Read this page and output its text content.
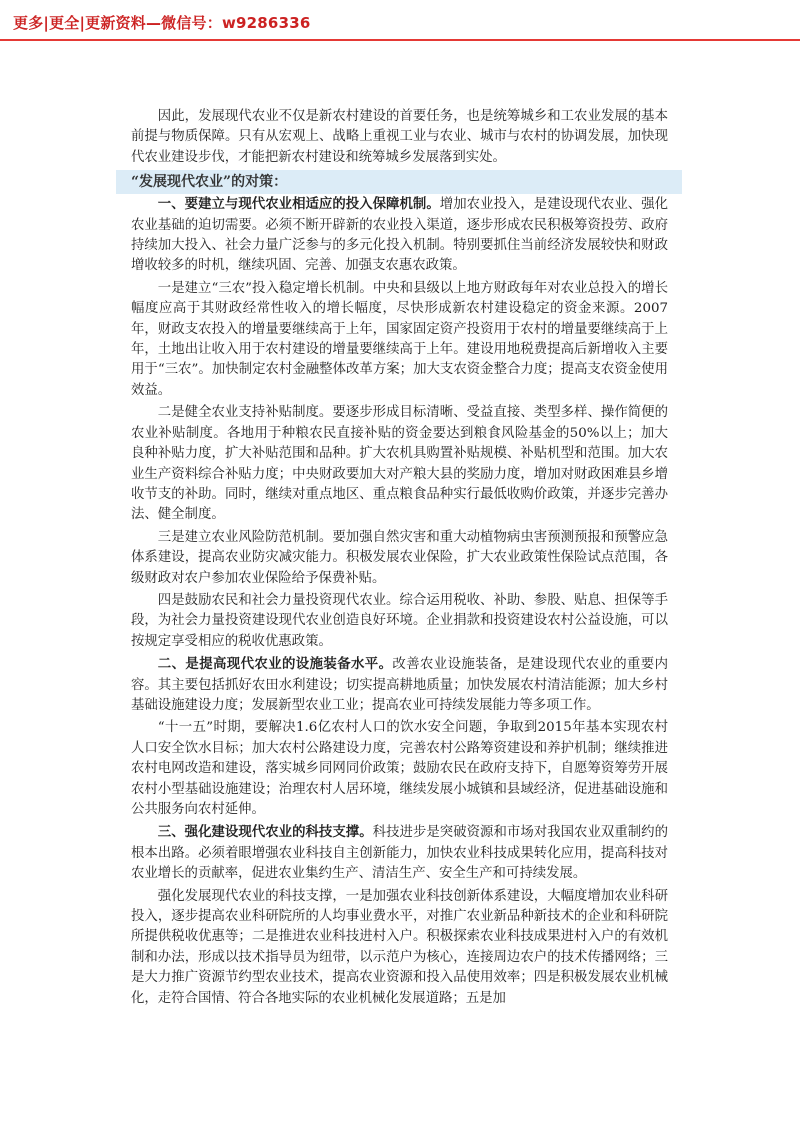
更多|更全|更新资料—微信号：w9286336

因此，发展现代农业不仅是新农村建设的首要任务，也是统筹城乡和工农业发展的基本前提与物质保障。只有从宏观上、战略上重视工业与农业、城市与农村的协调发展，加快现代农业建设步伐，才能把新农村建设和统筹城乡发展落到实处。

“发展现代农业”的对策：

一、要建立与现代农业相适应的投入保障机制。增加农业投入，是建设现代农业、强化农业基础的迫切需要。必须不断开辟新的农业投入渠道，逐步形成农民积极筹资投劳、政府持续加大投入、社会力量广泛参与的多元化投入机制。特别要抓住当前经济发展较快和财政增收较多的时机，继续巩固、完善、加强支农惠农政策。

一是建立“三农”投入稳定增长机制。中央和县级以上地方财政每年对农业总投入的增长幅度应高于其财政经常性收入的增长幅度，尽快形成新农村建设稳定的资金来源。2007年，财政支农投入的增量要继续高于上年，国家固定资产投资用于农村的增量要继续高于上年，土地出让收入用于农村建设的增量要继续高于上年。建设用地税费提高后新增收入主要用于“三农”。加快制定农村金融整体改革方案；加大支农资金整合力度；提高支农资金使用效益。

二是健全农业支持补贴制度。要逐步形成目标清晰、受益直接、类型多样、操作简便的农业补贴制度。各地用于种粮农民直接补贴的资金要达到粮食风险基金的50%以上；加大良种补贴力度，扩大补贴范围和品种。扩大农机具购置补贴规模、补贴机型和范围。加大农业生产资料综合补贴力度；中央财政要加大对产粮大县的奖励力度，增加对财政困难县乡增收节支的补助。同时，继续对重点地区、重点粮食品种实行最低收购价政策，并逐步完善办法、健全制度。

三是建立农业风险防范机制。要加强自然灾害和重大动植物病虫害预测预报和预警应急体系建设，提高农业防灾减灾能力。积极发展农业保险，扩大农业政策性保险试点范围，各级财政对农户参加农业保险给予保费补贴。

四是鼓励农民和社会力量投资现代农业。综合运用税收、补助、参股、贴息、担保等手段，为社会力量投资建设现代农业创造良好环境。企业捐款和投资建设农村公益设施，可以按规定享受相应的税收优惠政策。

二、是提高现代农业的设施装备水平。改善农业设施装备，是建设现代农业的重要内容。其主要包括抓好农田水利建设；切实提高耕地质量；加快发展农村清洁能源；加大乡村基础设施建设力度；发展新型农业工业；提高农业可持续发展能力等多项工作。

“十一五”时期，要解决1.6亿农村人口的饮水安全问题，争取到2015年基本实现农村人口安全饮水目标；加大农村公路建设力度，完善农村公路筹资建设和养护机制；继续推进农村电网改造和建设，落实城乡同网同价政策；鼓励农民在政府支持下，自愿筹资筹劳开展农村小型基础设施建设；治理农村人居环境，继续发展小城镇和县域经济，促进基础设施和公共服务向农村延伸。

三、强化建设现代农业的科技支撑。科技进步是突破资源和市场对我国农业双重制约的根本出路。必须着眼增强农业科技自主创新能力，加快农业科技成果转化应用，提高科技对农业增长的贡献率，促进农业集约生产、清洁生产、安全生产和可持续发展。

强化发展现代农业的科技支撑，一是加强农业科技创新体系建设，大幅度增加农业科研投入，逐步提高农业科研院所的人均事业费水平，对推广农业新品种新技术的企业和科研院所提供税收优惠等；二是推进农业科技进村入户。积极探索农业科技成果进村入户的有效机制和办法，形成以技术指导员为纽带，以示范户为核心，连接周边农户的技术传播网络；三是大力推广资源节约型农业技术，提高农业资源和投入品使用效率；四是积极发展农业机械化，走符合国情、符合各地实际的农业机械化发展道路；五是加
